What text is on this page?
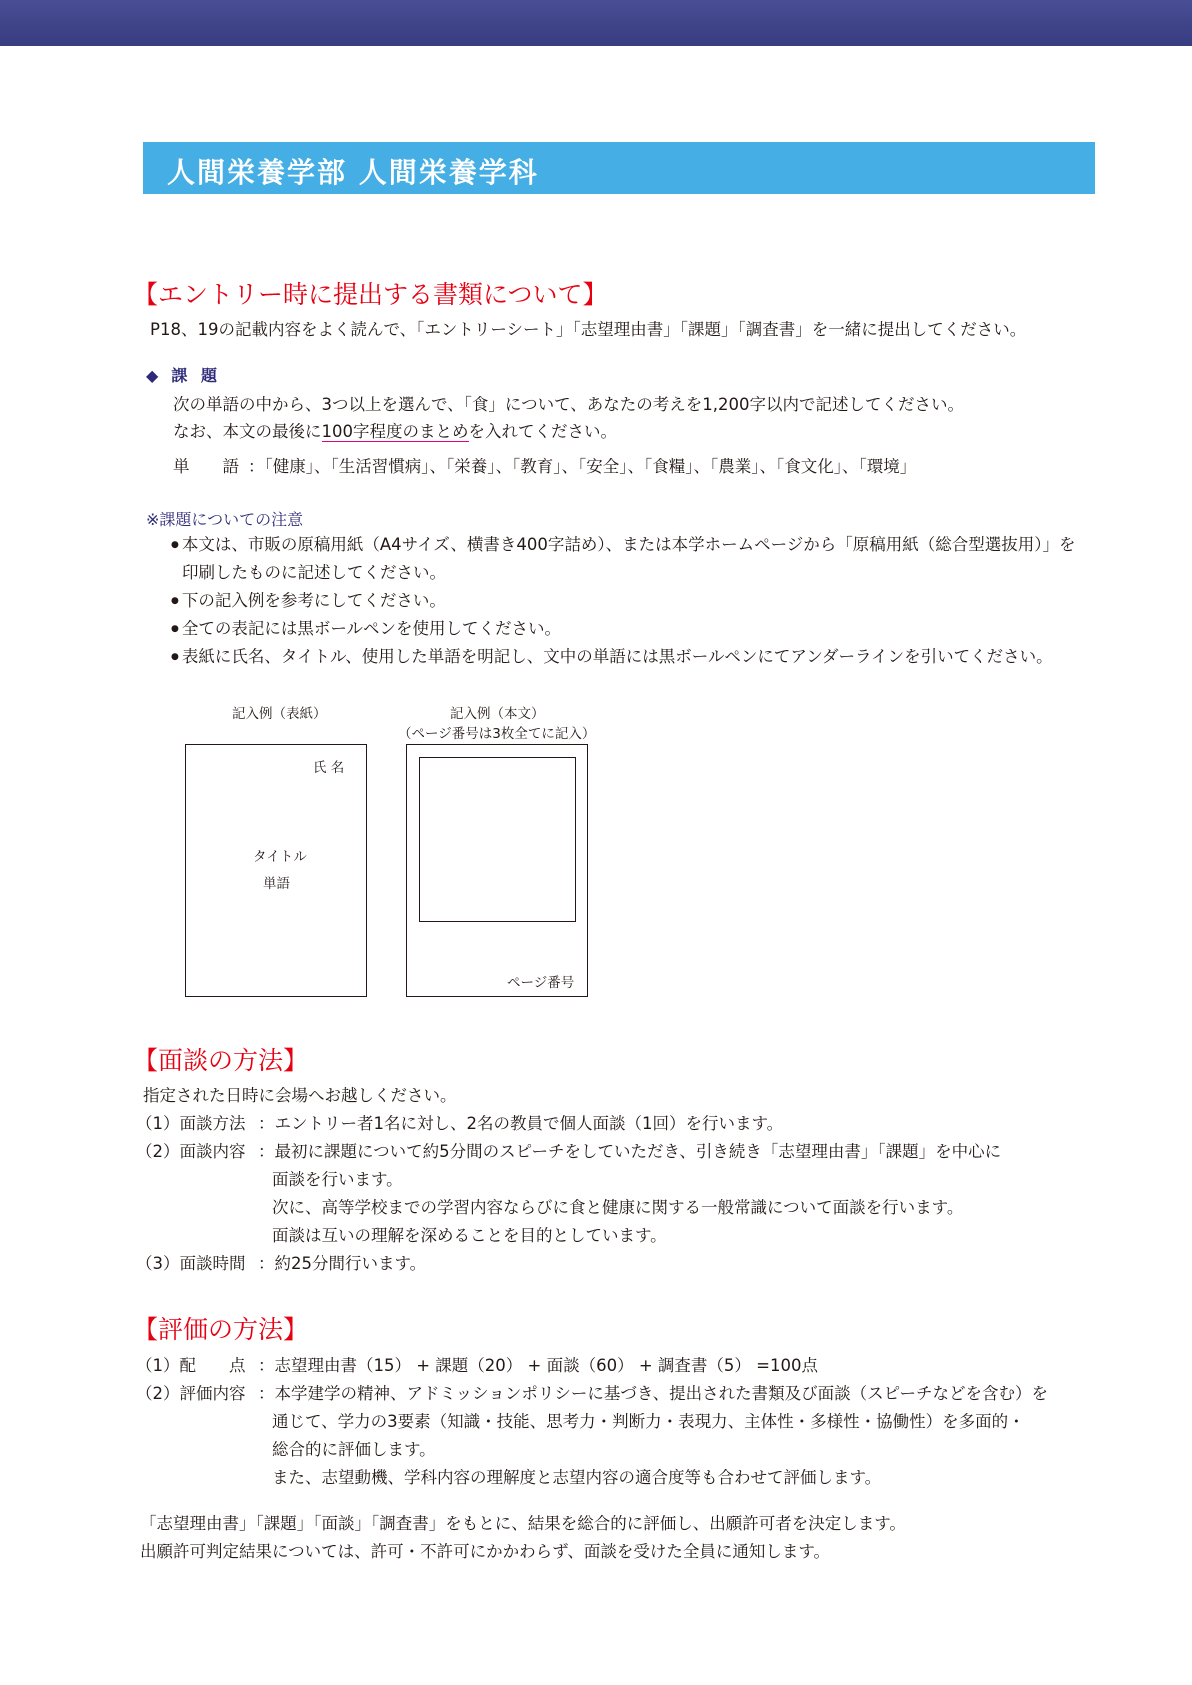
人間栄養学部 人間栄養学科
【エントリー時に提出する書類について】
P18、19の記載内容をよく読んで、「エントリーシート」「志望理由書」「課題」「調査書」を一緒に提出してください。
◆ 課 題
次の単語の中から、3つ以上を選んで、「食」について、あなたの考えを1,200字以内で記述してください。
なお、本文の最後に100字程度のまとめを入れてください。
単　　語 ：「健康」、「生活習慣病」、「栄養」、「教育」、「安全」、「食糧」、「農業」、「食文化」、「環境」
※課題についての注意
● 本文は、市販の原稿用紙（A4サイズ、横書き400字詰め）、または本学ホームページから「原稿用紙（総合型選抜用）」を
印刷したものに記述してください。
● 下の記入例を参考にしてください。
● 全ての表記には黒ボールペンを使用してください。
● 表紙に氏名、タイトル、使用した単語を明記し、文中の単語には黒ボールペンにてアンダーラインを引いてください。
記入例（表紙）	記入例（本文）
（ページ番号は3枚全てに記入）
氏 名
タイトル
単語
ページ番号
【面談の方法】
指定された日時に会場へお越しください。
（1）面談方法 ：エントリー者1名に対し、2名の教員で個人面談（1回）を行います。
（2）面談内容 ：最初に課題について約5分間のスピーチをしていただき、引き続き「志望理由書」「課題」を中心に
面談を行います。
次に、高等学校までの学習内容ならびに食と健康に関する一般常識について面談を行います。
面談は互いの理解を深めることを目的としています。
（3）面談時間 ：約25分間行います。
【評価の方法】
（1）配　　点 ：志望理由書（15） + 課題（20） + 面談（60） + 調査書（5） =100点
（2）評価内容 ：本学建学の精神、アドミッションポリシーに基づき、提出された書類及び面談（スピーチなどを含む）を
通じて、学力の3要素（知識・技能、思考力・判断力・表現力、主体性・多様性・協働性）を多面的・
総合的に評価します。
また、志望動機、学科内容の理解度と志望内容の適合度等も合わせて評価します。
「志望理由書」「課題」「面談」「調査書」をもとに、結果を総合的に評価し、出願許可者を決定します。
出願許可判定結果については、許可・不許可にかかわらず、面談を受けた全員に通知します。
